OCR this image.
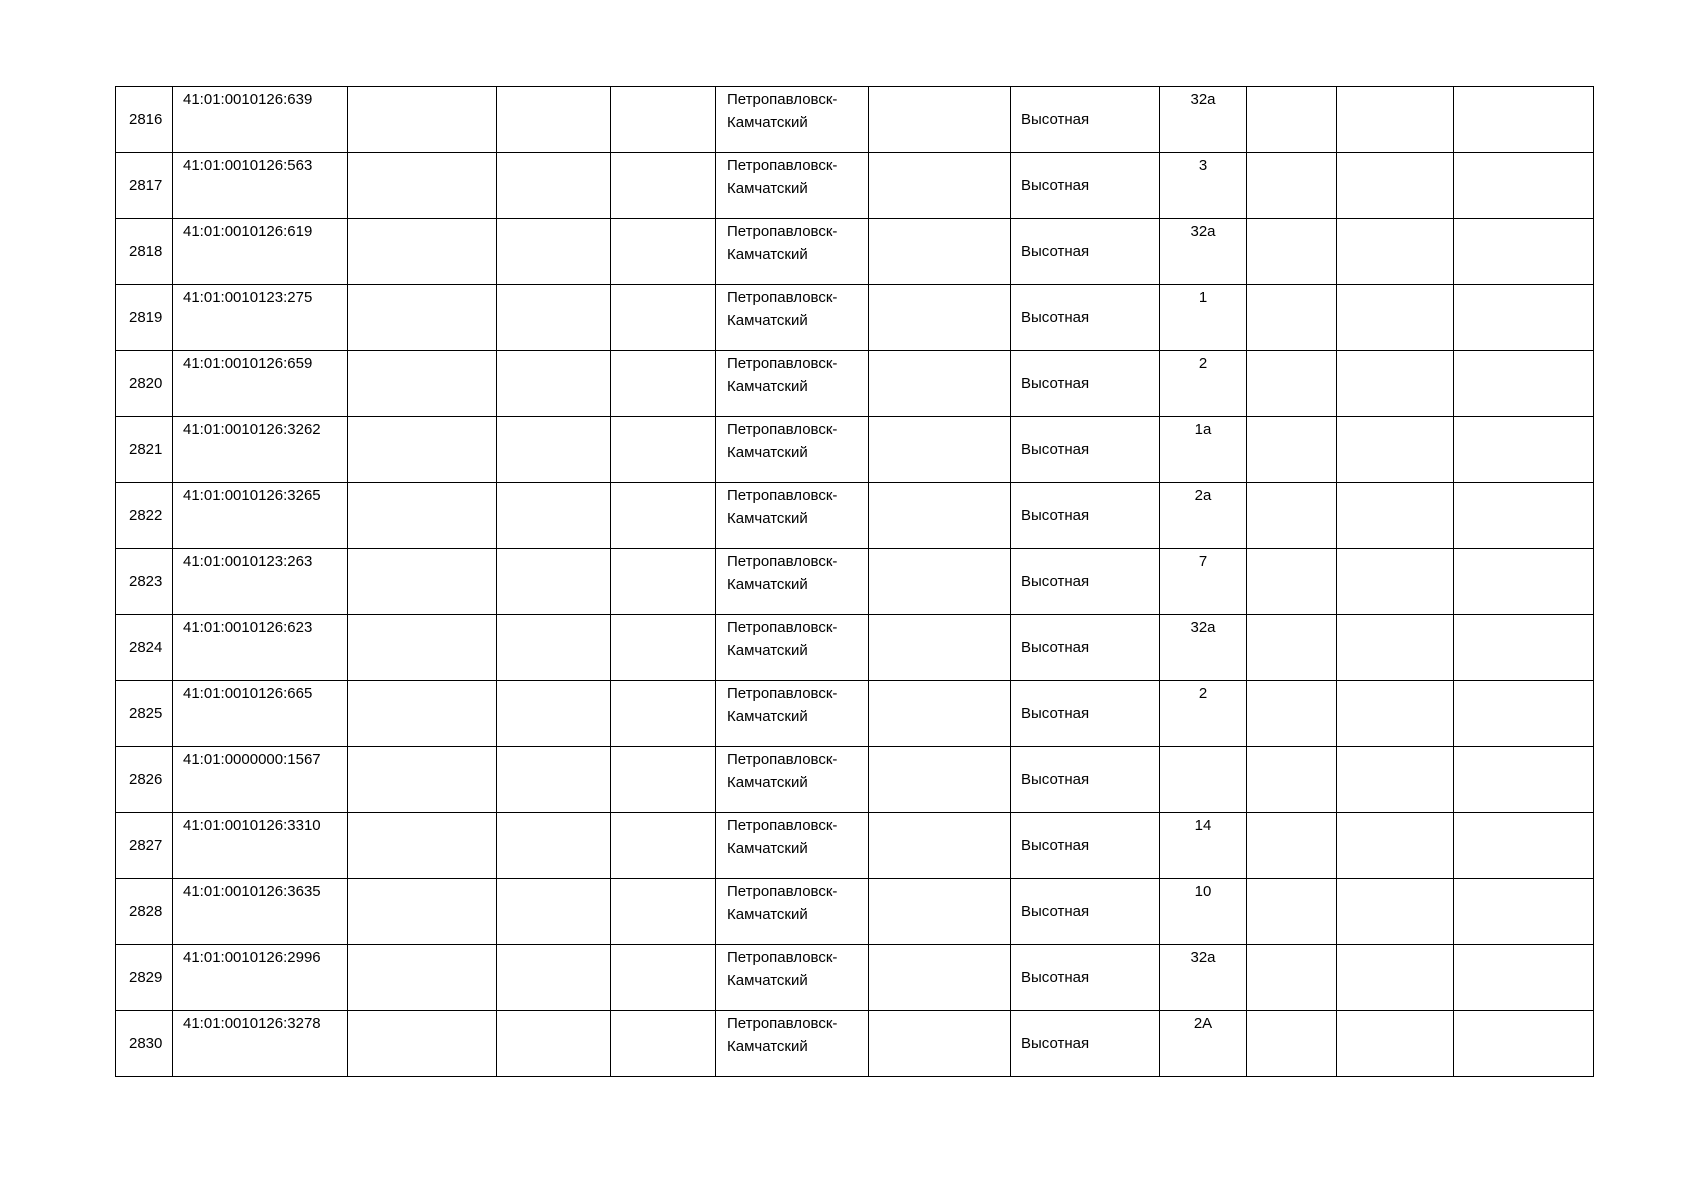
2816	41:01:0010126:639				Петропавловск-
Камчатский		Высотная	32а			
2817	41:01:0010126:563				Петропавловск-
Камчатский		Высотная	3			
2818	41:01:0010126:619				Петропавловск-
Камчатский		Высотная	32а			
2819	41:01:0010123:275				Петропавловск-
Камчатский		Высотная	1			
2820	41:01:0010126:659				Петропавловск-
Камчатский		Высотная	2			
2821	41:01:0010126:3262				Петропавловск-
Камчатский		Высотная	1а			
2822	41:01:0010126:3265				Петропавловск-
Камчатский		Высотная	2а			
2823	41:01:0010123:263				Петропавловск-
Камчатский		Высотная	7			
2824	41:01:0010126:623				Петропавловск-
Камчатский		Высотная	32а			
2825	41:01:0010126:665				Петропавловск-
Камчатский		Высотная	2			
2826	41:01:0000000:1567				Петропавловск-
Камчатский		Высотная				
2827	41:01:0010126:3310				Петропавловск-
Камчатский		Высотная	14			
2828	41:01:0010126:3635				Петропавловск-
Камчатский		Высотная	10			
2829	41:01:0010126:2996				Петропавловск-
Камчатский		Высотная	32а			
2830	41:01:0010126:3278				Петропавловск-
Камчатский		Высотная	2А			
